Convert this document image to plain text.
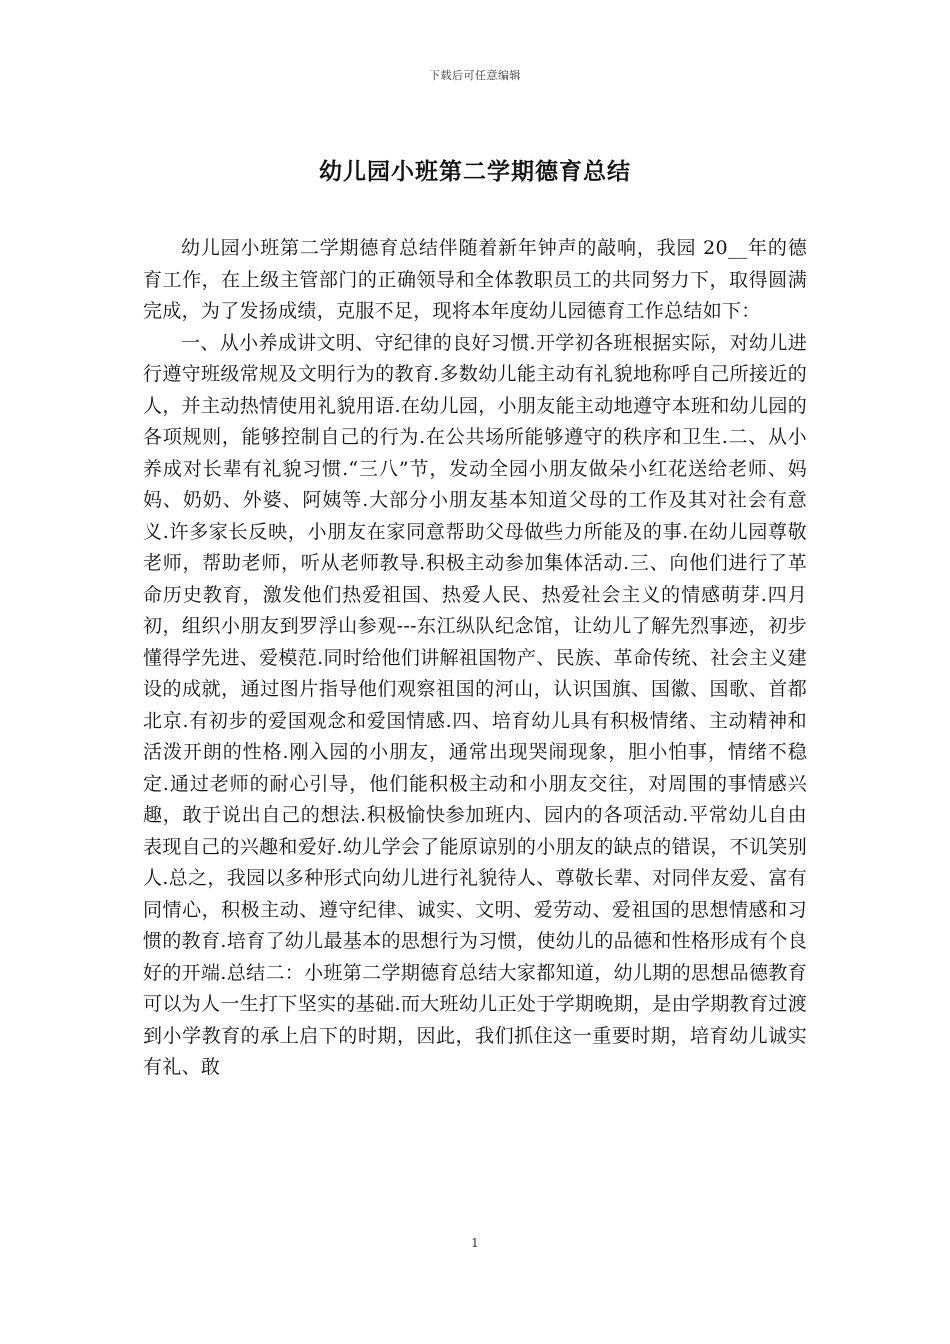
下载后可任意编辑
幼儿园小班第二学期德育总结

幼儿园小班第二学期德育总结伴随着新年钟声的敲响，我园 20__年的德育工作，在上级主管部门的正确领导和全体教职员工的共同努力下，取得圆满完成，为了发扬成绩，克服不足，现将本年度幼儿园德育工作总结如下：

一、从小养成讲文明、守纪律的良好习惯.开学初各班根据实际，对幼儿进行遵守班级常规及文明行为的教育.多数幼儿能主动有礼貌地称呼自己所接近的人，并主动热情使用礼貌用语.在幼儿园，小朋友能主动地遵守本班和幼儿园的各项规则，能够控制自己的行为.在公共场所能够遵守的秩序和卫生.二、从小养成对长辈有礼貌习惯.“三八”节，发动全园小朋友做朵小红花送给老师、妈妈、奶奶、外婆、阿姨等.大部分小朋友基本知道父母的工作及其对社会有意义.许多家长反映，小朋友在家同意帮助父母做些力所能及的事.在幼儿园尊敬老师，帮助老师，听从老师教导.积极主动参加集体活动.三、向他们进行了革命历史教育，激发他们热爱祖国、热爱人民、热爱社会主义的情感萌芽.四月初，组织小朋友到罗浮山参观---东江纵队纪念馆，让幼儿了解先烈事迹，初步懂得学先进、爱模范.同时给他们讲解祖国物产、民族、革命传统、社会主义建设的成就，通过图片指导他们观察祖国的河山，认识国旗、国徽、国歌、首都北京.有初步的爱国观念和爱国情感.四、培育幼儿具有积极情绪、主动精神和活泼开朗的性格.刚入园的小朋友，通常出现哭闹现象，胆小怕事，情绪不稳定.通过老师的耐心引导，他们能积极主动和小朋友交往，对周围的事情感兴趣，敢于说出自己的想法.积极愉快参加班内、园内的各项活动.平常幼儿自由表现自己的兴趣和爱好.幼儿学会了能原谅别的小朋友的缺点的错误，不讥笑别人.总之，我园以多种形式向幼儿进行礼貌待人、尊敬长辈、对同伴友爱、富有同情心，积极主动、遵守纪律、诚实、文明、爱劳动、爱祖国的思想情感和习惯的教育.培育了幼儿最基本的思想行为习惯，使幼儿的品德和性格形成有个良好的开端.总结二：小班第二学期德育总结大家都知道，幼儿期的思想品德教育可以为人一生打下坚实的基础.而大班幼儿正处于学期晚期，是由学期教育过渡到小学教育的承上启下的时期，因此，我们抓住这一重要时期，培育幼儿诚实有礼、敢

1
